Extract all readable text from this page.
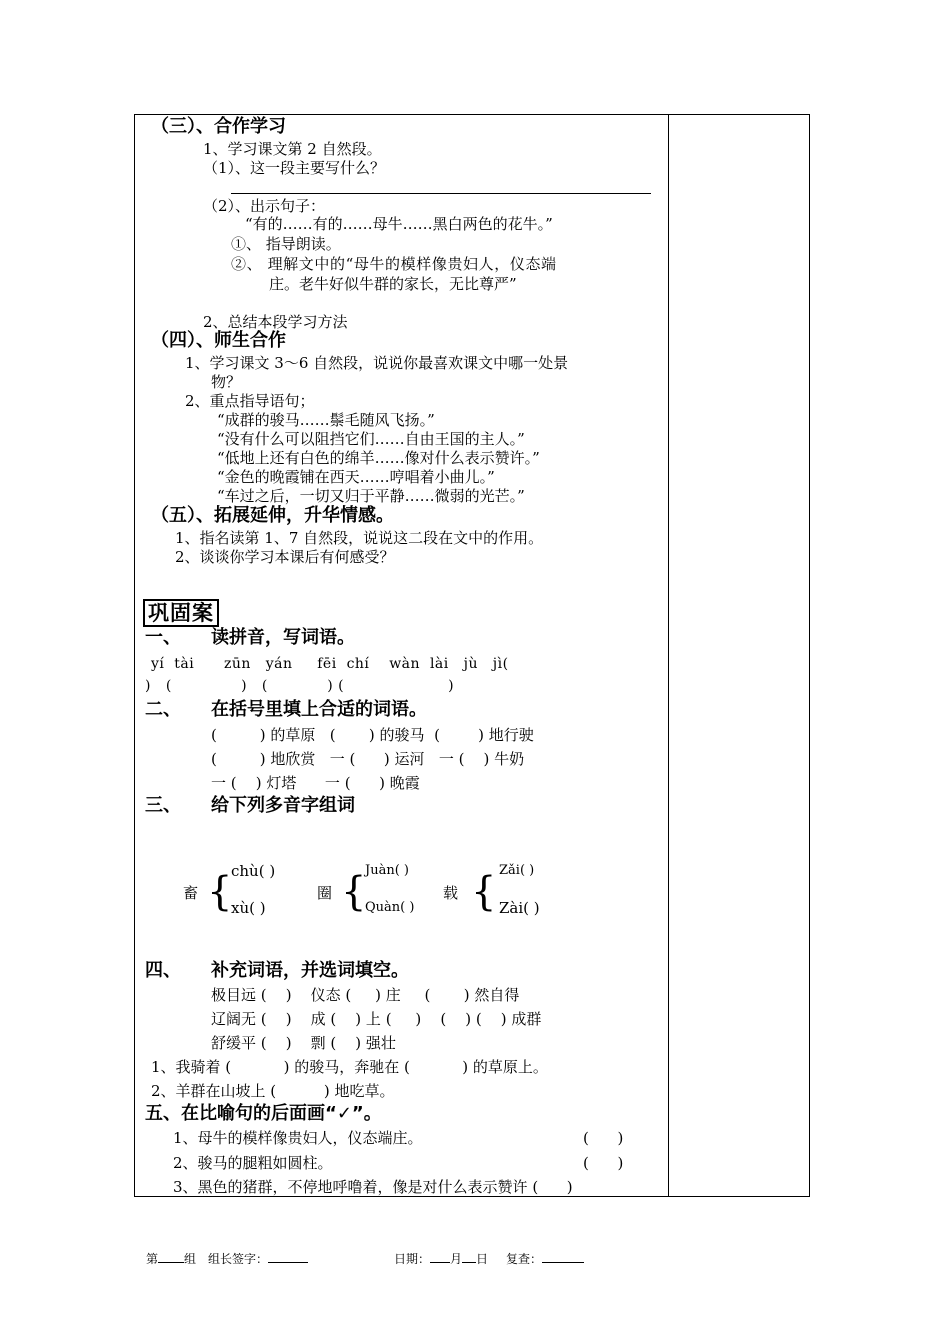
（三）、合作学习
1、学习课文第 2 自然段。
（1）、这一段主要写什么？
（2）、出示句子：
“有的……有的……母牛……黑白两色的花牛。”
①、 指导朗读。
②、 理解文中的“母牛的模样像贵妇人，仪态端
庄。老牛好似牛群的家长，无比尊严”
2、总结本段学习方法
（四）、师生合作
1、学习课文 3～6 自然段，说说你最喜欢课文中哪一处景
物？
2、重点指导语句；
“成群的骏马……鬃毛随风飞扬。”
“没有什么可以阻挡它们……自由王国的主人。”
“低地上还有白色的绵羊……像对什么表示赞许。”
“金色的晚霞铺在西天……哼唱着小曲儿。”
“车过之后，一切又归于平静……微弱的光芒。”
（五）、拓展延伸，升华情感。
1、指名读第 1、7 自然段，说说这二段在文中的作用。
2、谈谈你学习本课后有何感受？
巩固案
一、 读拼音，写词语。
yí  tài      zūn   yán     fēi  chí    wàn  lài   jù   jì(
)   (              )   (            ) (                     )
二、 在括号里填上合适的词语。
(         ) 的草原   (       ) 的骏马  (        ) 地行驶
(         ) 地欣赏   一 (      ) 运河   一 (    ) 牛奶
一 (    ) 灯塔      一 (      ) 晚霞
三、 给下列多音字组词
畜 {
chù( )
xù( )
圈 {
Juàn( )
Quàn( )
载 { Zǎi( )
Zài( )
四、 补充词语，并选词填空。
极目远 (    )    仪态 (     ) 庄     (       ) 然自得
辽阔无 (    )    成 (    ) 上 (     )    (    ) (    ) 成群
舒缓平 (    )    剽 (    ) 强壮
1、我骑着 (           ) 的骏马，奔驰在 (           ) 的草原上。
2、羊群在山坡上 (          ) 地吃草。
五、在比喻句的后面画“✓”。
1、母牛的模样像贵妇人，仪态端庄。	(      )
2、骏马的腿粗如圆柱。	(      )
3、黑色的猪群，不停地呼噜着，像是对什么表示赞许 (      )
第 组 组长签字：	日期： 月 日 复查：
